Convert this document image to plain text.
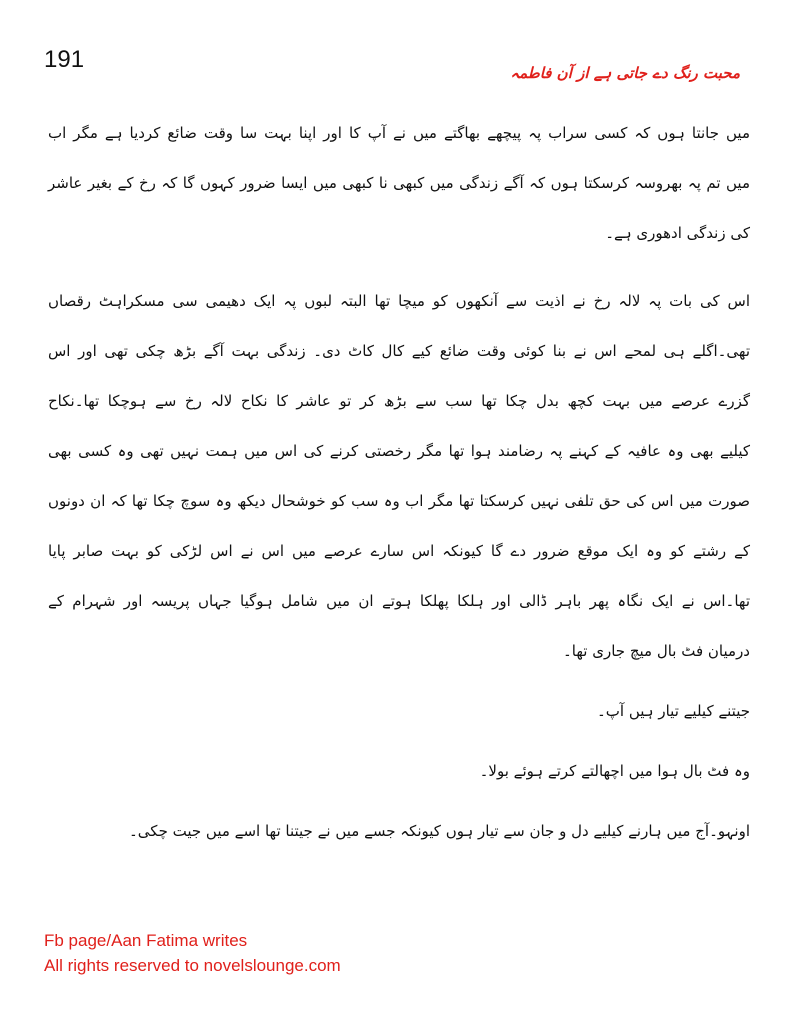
191	محبت رنگ دے جاتی ہے از آن فاطمہ
میں جانتا ہوں کہ کسی سراب پہ پیچھے بھاگتے میں نے آپ کا اور اپنا بہت سا وقت ضائع کردیا ہے مگر اب
میں تم پہ بھروسہ کرسکتا ہوں کہ آگے زندگی میں کبھی نا کبھی میں ایسا ضرور کہوں گا کہ رخ کے بغیر عاشر
کی زندگی ادھوری ہے۔
اس کی بات پہ لالہ رخ نے اذیت سے آنکھوں کو میچا تھا البتہ لبوں پہ ایک دھیمی سی مسکراہٹ رقصاں
تھی۔اگلے ہی لمحے اس نے بنا کوئی وقت ضائع کیے کال کاٹ دی۔ زندگی بہت آگے بڑھ چکی تھی اور اس
گزرے عرصے میں بہت کچھ بدل چکا تھا سب سے بڑھ کر تو عاشر کا نکاح لالہ رخ سے ہوچکا تھا۔نکاح
کیلیے بھی وہ عافیہ کے کہنے پہ رضامند ہوا تھا مگر رخصتی کرنے کی اس میں ہمت نہیں تھی وہ کسی بھی
صورت میں اس کی حق تلفی نہیں کرسکتا تھا مگر اب وہ سب کو خوشحال دیکھ وہ سوچ چکا تھا کہ ان دونوں
کے رشتے کو وہ ایک موقع ضرور دے گا کیونکہ اس سارے عرصے میں اس نے اس لڑکی کو بہت صابر پایا
تھا۔اس نے ایک نگاہ پھر باہر ڈالی اور ہلکا پھلکا ہوتے ان میں شامل ہوگیا جہاں پریسہ اور شہرام کے
درمیان فٹ بال میچ جاری تھا۔
جیتنے کیلیے تیار ہیں آپ۔
وہ فٹ بال ہوا میں اچھالتے کرتے ہوئے بولا۔
اونہو۔آج میں ہارنے کیلیے دل و جان سے تیار ہوں کیونکہ جسے میں نے جیتنا تھا اسے میں جیت چکی۔
Fb page/Aan Fatima writes
All rights reserved to novelslounge.com
